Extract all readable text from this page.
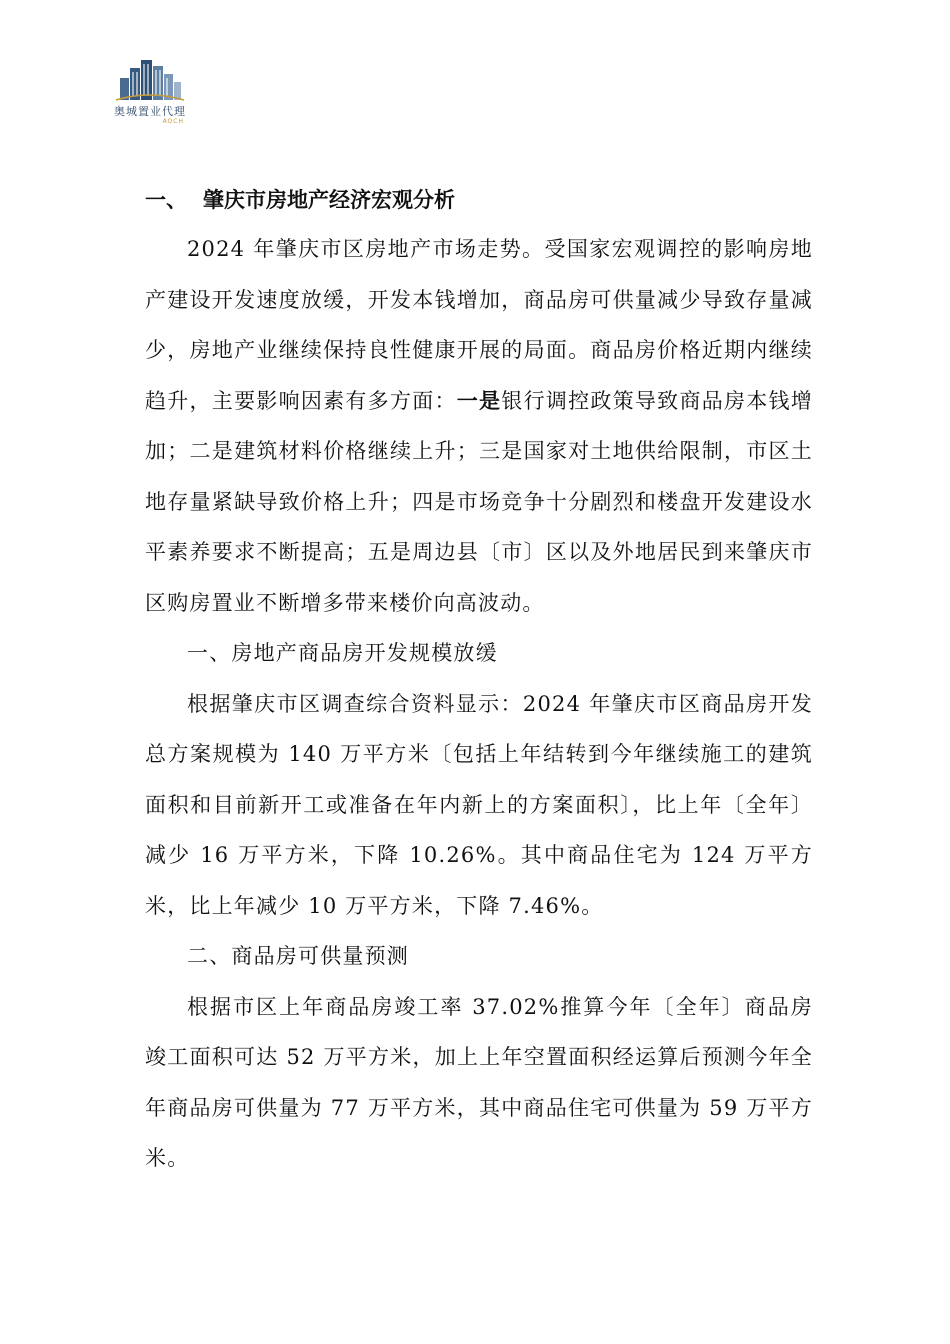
奥城置业代理
AOCH
一、 肇庆市房地产经济宏观分析

2024 年肇庆市区房地产市场走势。受国家宏观调控的影响房地产建设开发速度放缓，开发本钱增加，商品房可供量减少导致存量减少，房地产业继续保持良性健康开展的局面。商品房价格近期内继续趋升，主要影响因素有多方面：一是银行调控政策导致商品房本钱增加；二是建筑材料价格继续上升；三是国家对土地供给限制，市区土地存量紧缺导致价格上升；四是市场竞争十分剧烈和楼盘开发建设水平素养要求不断提高；五是周边县〔市〕区以及外地居民到来肇庆市区购房置业不断增多带来楼价向高波动。

一、房地产商品房开发规模放缓

根据肇庆市区调查综合资料显示：2024 年肇庆市区商品房开发总方案规模为 140 万平方米〔包括上年结转到今年继续施工的建筑面积和目前新开工或准备在年内新上的方案面积〕，比上年〔全年〕减少 16 万平方米，下降 10.26%。其中商品住宅为 124 万平方米，比上年减少 10 万平方米，下降 7.46%。

二、商品房可供量预测

根据市区上年商品房竣工率 37.02%推算今年〔全年〕商品房竣工面积可达 52 万平方米，加上上年空置面积经运算后预测今年全年商品房可供量为 77 万平方米，其中商品住宅可供量为 59 万平方米。
